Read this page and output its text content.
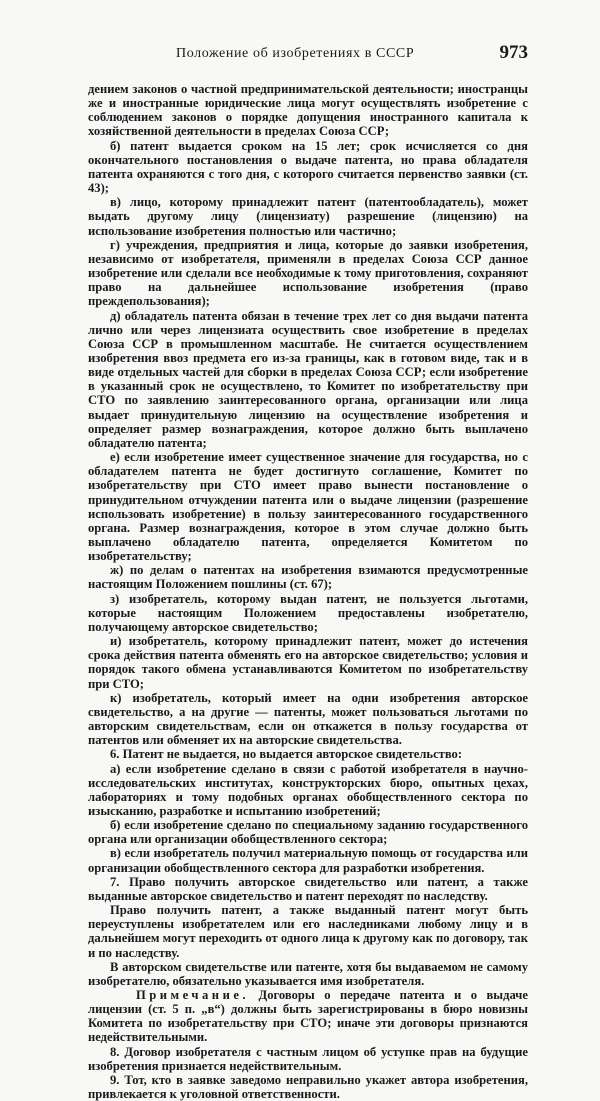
Положение об изобретениях в СССР	973

дением законов о частной предпринимательской деятельности; иностранцы же и иностранные юридические лица могут осуществлять изобретение с соблюдением законов о порядке допущения иностранного капитала к хозяйственной деятельности в пределах Союза ССР;

б) патент выдается сроком на 15 лет; срок исчисляется со дня окончательного постановления о выдаче патента, но права обладателя патента охраняются с того дня, с которого считается первенство заявки (ст. 43);

в) лицо, которому принадлежит патент (патентообладатель), может выдать другому лицу (лицензиату) разрешение (лицензию) на использование изобретения полностью или частично;

г) учреждения, предприятия и лица, которые до заявки изобретения, независимо от изобретателя, применяли в пределах Союза ССР данное изобретение или сделали все необходимые к тому приготовления, сохраняют право на дальнейшее использование изобретения (право преждепользования);

д) обладатель патента обязан в течение трех лет со дня выдачи патента лично или через лицензиата осуществить свое изобретение в пределах Союза ССР в промышленном масштабе. Не считается осуществлением изобретения ввоз предмета его из-за границы, как в готовом виде, так и в виде отдельных частей для сборки в пределах Союза ССР; если изобретение в указанный срок не осуществлено, то Комитет по изобретательству при СТО по заявлению заинтересованного органа, организации или лица выдает принудительную лицензию на осуществление изобретения и определяет размер вознаграждения, которое должно быть выплачено обладателю патента;

е) если изобретение имеет существенное значение для государства, но с обладателем патента не будет достигнуто соглашение, Комитет по изобретательству при СТО имеет право вынести постановление о принудительном отчуждении патента или о выдаче лицензии (разрешение использовать изобретение) в пользу заинтересованного государственного органа. Размер вознаграждения, которое в этом случае должно быть выплачено обладателю патента, определяется Комитетом по изобретательству;

ж) по делам о патентах на изобретения взимаются предусмотренные настоящим Положением пошлины (ст. 67);

з) изобретатель, которому выдан патент, не пользуется льготами, которые настоящим Положением предоставлены изобретателю, получающему авторское свидетельство;

и) изобретатель, которому принадлежит патент, может до истечения срока действия патента обменять его на авторское свидетельство; условия и порядок такого обмена устанавливаются Комитетом по изобретательству при СТО;

к) изобретатель, который имеет на одни изобретения авторское свидетельство, а на другие — патенты, может пользоваться льготами по авторским свидетельствам, если он откажется в пользу государства от патентов или обменяет их на авторские свидетельства.

6. Патент не выдается, но выдается авторское свидетельство:

а) если изобретение сделано в связи с работой изобретателя в научно-исследовательских институтах, конструкторских бюро, опытных цехах, лабораториях и тому подобных органах обобществленного сектора по изысканию, разработке и испытанию изобретений;

б) если изобретение сделано по специальному заданию государственного органа или организации обобществленного сектора;

в) если изобретатель получил материальную помощь от государства или организации обобществленного сектора для разработки изобретения.

7. Право получить авторское свидетельство или патент, а также выданные авторское свидетельство и патент переходят по наследству.

Право получить патент, а также выданный патент могут быть переуступлены изобретателем или его наследниками любому лицу и в дальнейшем могут переходить от одного лица к другому как по договору, так и по наследству.

В авторском свидетельстве или патенте, хотя бы выдаваемом не самому изобретателю, обязательно указывается имя изобретателя.

Примечание. Договоры о передаче патента и о выдаче лицензии (ст. 5 п. „в“) должны быть зарегистрированы в бюро новизны Комитета по изобретательству при СТО; иначе эти договоры признаются недействительными.

8. Договор изобретателя с частным лицом об уступке прав на будущие изобретения признается недействительным.

9. Тот, кто в заявке заведомо неправильно укажет автора изобретения, привлекается к уголовной ответственности.
